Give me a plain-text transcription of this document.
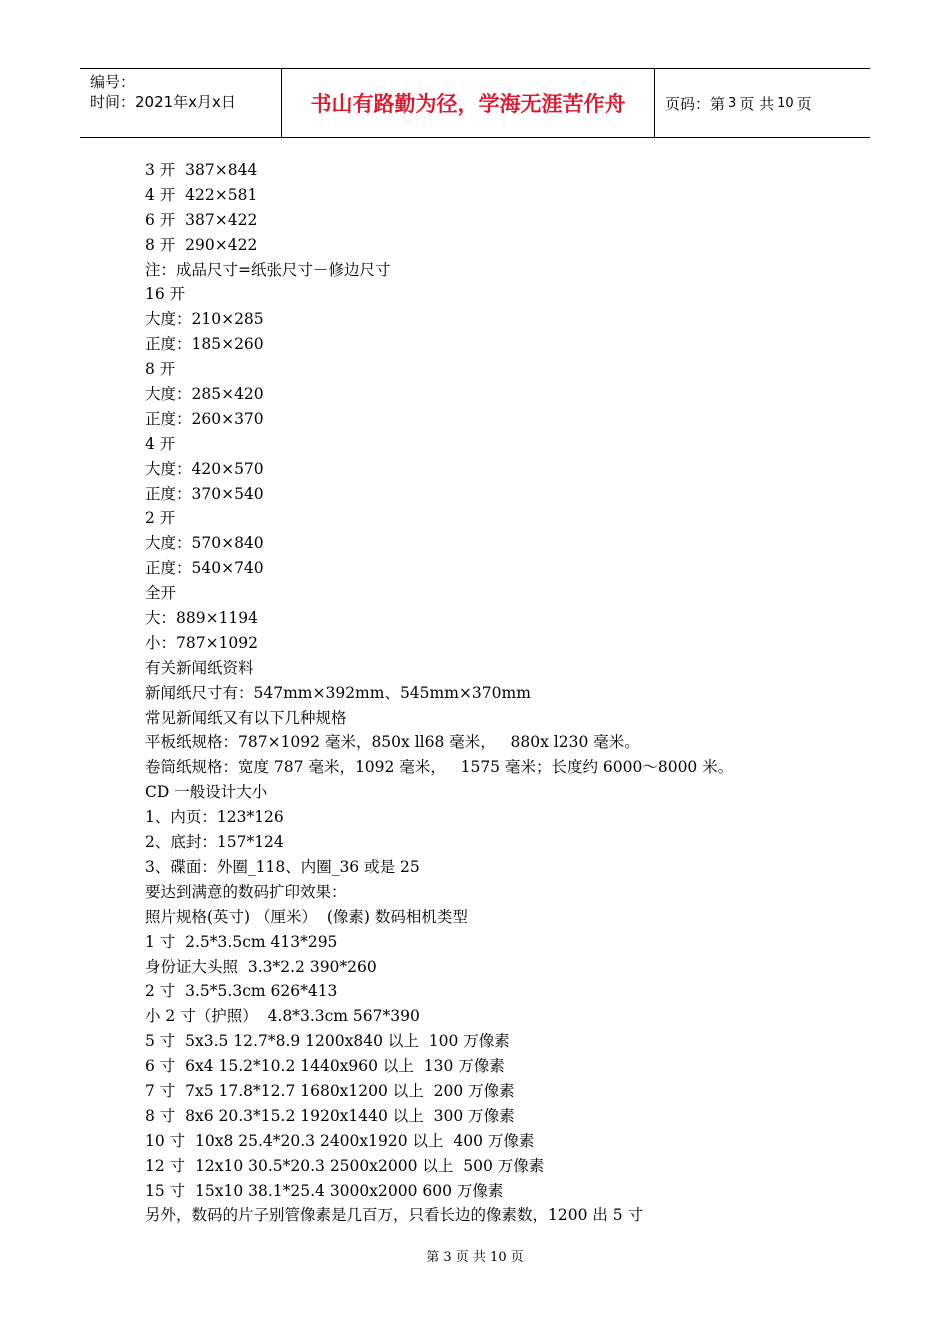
编号：
时间：2021年x月x日	书山有路勤为径，学海无涯苦作舟	页码：第 3 页 共 10 页
3 开  387×844
4 开  422×581
6 开  387×422
8 开  290×422
注：成品尺寸=纸张尺寸－修边尺寸
16 开
大度：210×285
正度：185×260
8 开
大度：285×420
正度：260×370
4 开
大度：420×570
正度：370×540
2 开
大度：570×840
正度：540×740
全开
大：889×1194
小：787×1092
有关新闻纸资料
新闻纸尺寸有：547mm×392mm、545mm×370mm
常见新闻纸又有以下几种规格
平板纸规格：787×1092 毫米，850x ll68 毫米，   880x l230 毫米。
卷筒纸规格：宽度 787 毫米，1092 毫米，   1575 毫米；长度约 6000～8000 米。
CD 一般设计大小
1、内页：123*126
2、底封：157*124
3、碟面：外圈_118、内圈_36 或是 25
要达到满意的数码扩印效果：
照片规格(英寸) （厘米）  (像素) 数码相机类型
1 寸  2.5*3.5cm 413*295
身份证大头照  3.3*2.2 390*260
2 寸  3.5*5.3cm 626*413
小 2 寸（护照）  4.8*3.3cm 567*390
5 寸  5x3.5 12.7*8.9 1200x840 以上  100 万像素
6 寸  6x4 15.2*10.2 1440x960 以上  130 万像素
7 寸  7x5 17.8*12.7 1680x1200 以上  200 万像素
8 寸  8x6 20.3*15.2 1920x1440 以上  300 万像素
10 寸  10x8 25.4*20.3 2400x1920 以上  400 万像素
12 寸  12x10 30.5*20.3 2500x2000 以上  500 万像素
15 寸  15x10 38.1*25.4 3000x2000 600 万像素
另外，数码的片子别管像素是几百万，只看长边的像素数，1200 出 5 寸
第 3 页 共 10 页
